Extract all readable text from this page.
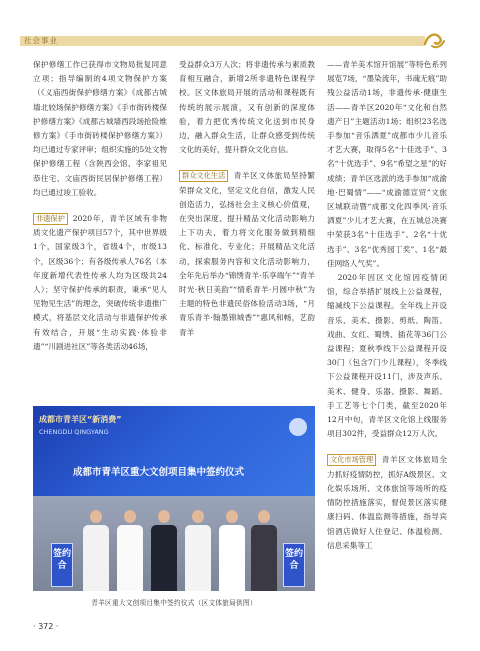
社会事业

保护修缮工作已获得市文物局批复同意立项；指导编制的4项文物保护方案（《义庙西街保护修缮方案》《成都古城墙北较场保护修缮方案》《手市街砖楼保护修缮方案》《成都古城墙西段场抢险维修方案》《手市街砖楼保护修缮方案》）均已通过专家评审；组织实施的5处文物保护修缮工程（含陕西会馆、李家祖见恭住宅、文庙西街民居保护修缮工程）均已通过竣工验收。

非遗保护 2020年，青羊区域有非物质文化遗产保护项目57个，其中世界级1个，国家级3个，省级4个，市级13个，区级36个；有各级传承人76名（本年度新增代表性传承人均为区级共24人）；坚守保护传承的职责，秉承“见人见物见生活”的理念，突破传统非遗推广模式，将基层文化活动与非遗保护传承有效结合，开展“生动实践·体验非遗”“川剧进社区”等各类活动46场，

受益群众3万人次；将非遗传承与素质教育相互融合，新增2所非遗特色课程学校。区文体旅局开展的活动和课程既有传统的展示展演，又有创新的深度体验，着力把优秀传统文化送到市民身边，融入群众生活，让群众感受到传统文化的美好，提升群众文化自信。

群众文化生活 青羊区文体旅局坚持繁荣群众文化，坚定文化自信，激发人民创造活力，弘扬社会主义核心价值观，在突出深度、提升精品文化活动影响力上下功夫，着力将文化服务做到精细化、标准化、专业化；开展精品文化活动，探索服务内容和文化活动影响力，全年先后举办“锦绣青羊·乐享端午”“青羊时光·秋日美韵”“情系青羊·月圆中秋”为主题的特色非遗民俗体验活动3场，“月青乐青羊·翰墨锦城香”“惠风和畅，艺韵青羊

——青羊美术馆开馆展”等特色系列展览7场，“墨染流年，书魂无痕”助残公益活动1场，非遗传承·健康生活——青羊区2020年“文化和自然遗产日”主题活动1场；组织23名选手参加“音乐洒夏”成都市少儿音乐才艺大赛，取得5名“十佳选手”、3名“十优选手”、9名“希望之星”的好成绩；青羊区选派的选手参加“成渝地·巴蜀情”——“成渝德宣贸”文旅区城联动暨“成都文化四季风·音乐洒夏”少儿才艺大赛，在五城总决赛中荣获3名“十佳选手”、2名“十优选手”、3名“优秀园丁奖”、1名“最佳网络人气奖”。

2020年因区文化馆因疫情闭馆，综合举措扩展线上公益课程，缩减线下公益课程。全年线上开设音乐、美术、摄影、剪纸、陶笛、戏曲、女红、蜀绣、插花等36门公益课程；夏秋季线下公益课程开设30门（包含7门少儿课程），冬季线下公益课程开设11门，涉及声乐、美术、健身、乐器、摄影、舞蹈、手工艺等七个门类，截至2020年12月中旬，青羊区文化馆上线服务项目302件，受益群众12万人次。

文化市场管理 青羊区文体旅局全力抓好疫情防控，抓好A级景区、文化娱乐场所、文体旅馆等场所的疫情防控措施落实，督促景区落实健康扫码、体温监测等措施，指导宾馆酒店做好人住登记、体温检测、信息采集等工

成都市青羊区“新消费”
CHENGDU QINGYANG
成都市青羊区重大文创项目集中签约仪式
签约合
签约合
青羊区重大文创项目集中签约仪式（区文体旅局供图）
· 372 ·
